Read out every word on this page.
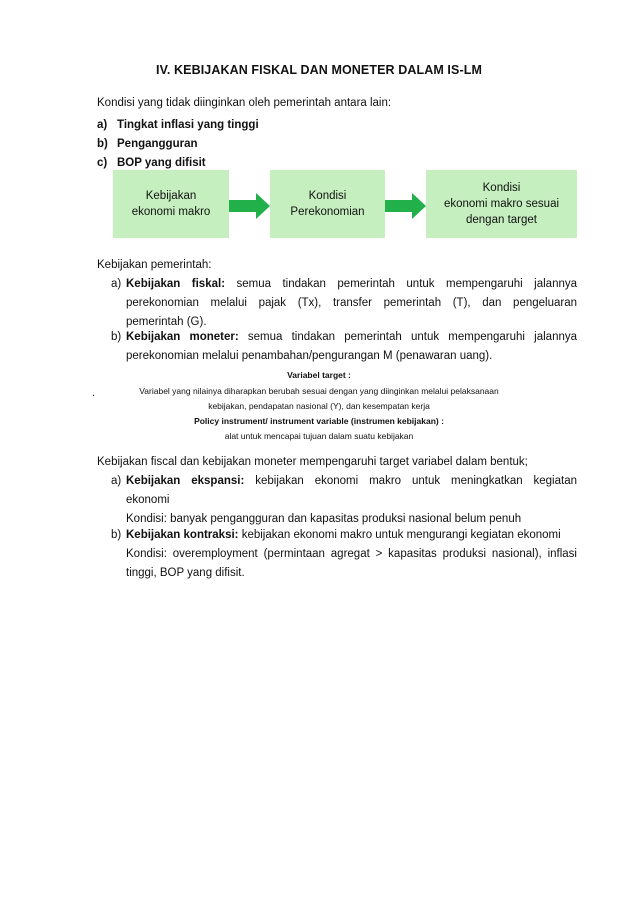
IV. KEBIJAKAN FISKAL DAN MONETER DALAM IS-LM
Kondisi yang tidak diinginkan oleh pemerintah antara lain:
a) Tingkat inflasi yang tinggi
b) Pengangguran
c) BOP yang difisit
Kebijakan
ekonomi makro
Kondisi
Perekonomian
Kondisi
ekonomi makro sesuai
dengan target
Kebijakan pemerintah:
a) Kebijakan fiskal: semua tindakan pemerintah untuk mempengaruhi jalannya
perekonomian melalui pajak (Tx), transfer pemerintah (T), dan pengeluaran
pemerintah (G).
b) Kebijakan moneter: semua tindakan pemerintah untuk mempengaruhi jalannya
perekonomian melalui penambahan/pengurangan M (penawaran uang).
Variabel target :
.	Variabel yang nilainya diharapkan berubah sesuai dengan yang diinginkan melalui pelaksanaan
kebijakan, pendapatan nasional (Y), dan kesempatan kerja
Policy instrument/ instrument variable (instrumen kebijakan) :
alat untuk mencapai tujuan dalam suatu kebijakan
Kebijakan fiscal dan kebijakan moneter mempengaruhi target variabel dalam bentuk;
a) Kebijakan ekspansi: kebijakan ekonomi makro untuk meningkatkan kegiatan
ekonomi
Kondisi: banyak pengangguran dan kapasitas produksi nasional belum penuh
b) Kebijakan kontraksi: kebijakan ekonomi makro untuk mengurangi kegiatan ekonomi
Kondisi: overemployment (permintaan agregat > kapasitas produksi nasional), inflasi
tinggi, BOP yang difisit.
